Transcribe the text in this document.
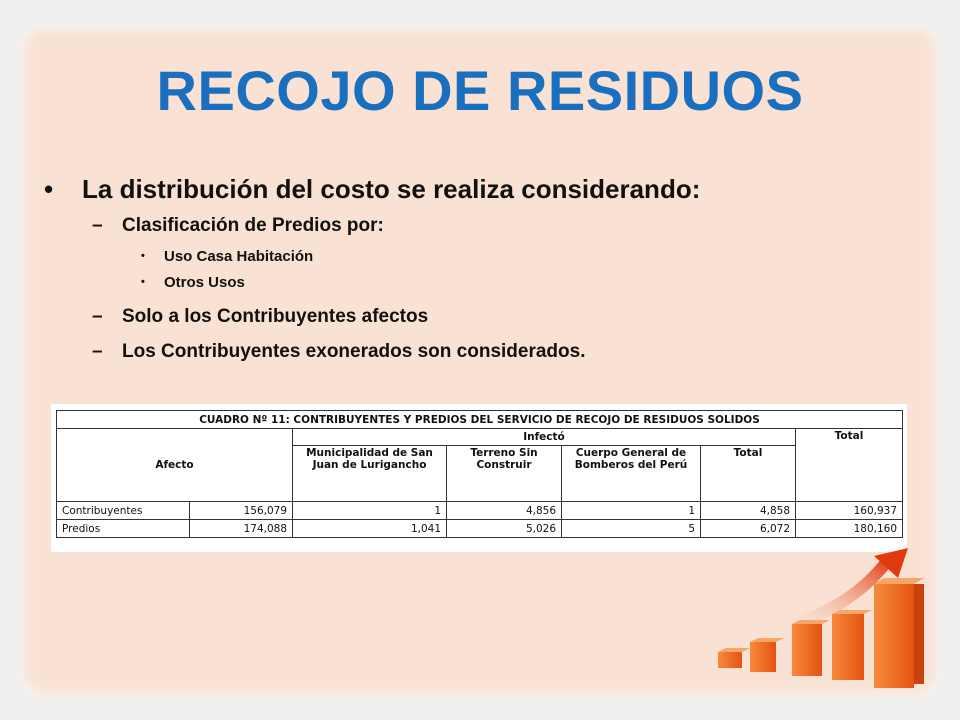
RECOJO DE RESIDUOS
• La distribución del costo se realiza considerando:
– Clasificación de Predios por:
• Uso Casa Habitación
• Otros Usos
– Solo a los Contribuyentes afectos
– Los Contribuyentes exonerados son considerados.
CUADRO Nº 11: CONTRIBUYENTES Y PREDIOS DEL SERVICIO DE RECOJO DE RESIDUOS SOLIDOS						
Afecto		Infectó				Total
		Municipalidad de San Juan de Lurigancho	Terreno Sin Construir	Cuerpo General de Bomberos del Perú	Total	
Contribuyentes	156,079	1	4,856	1	4,858	160,937
Predios	174,088	1,041	5,026	5	6,072	180,160
